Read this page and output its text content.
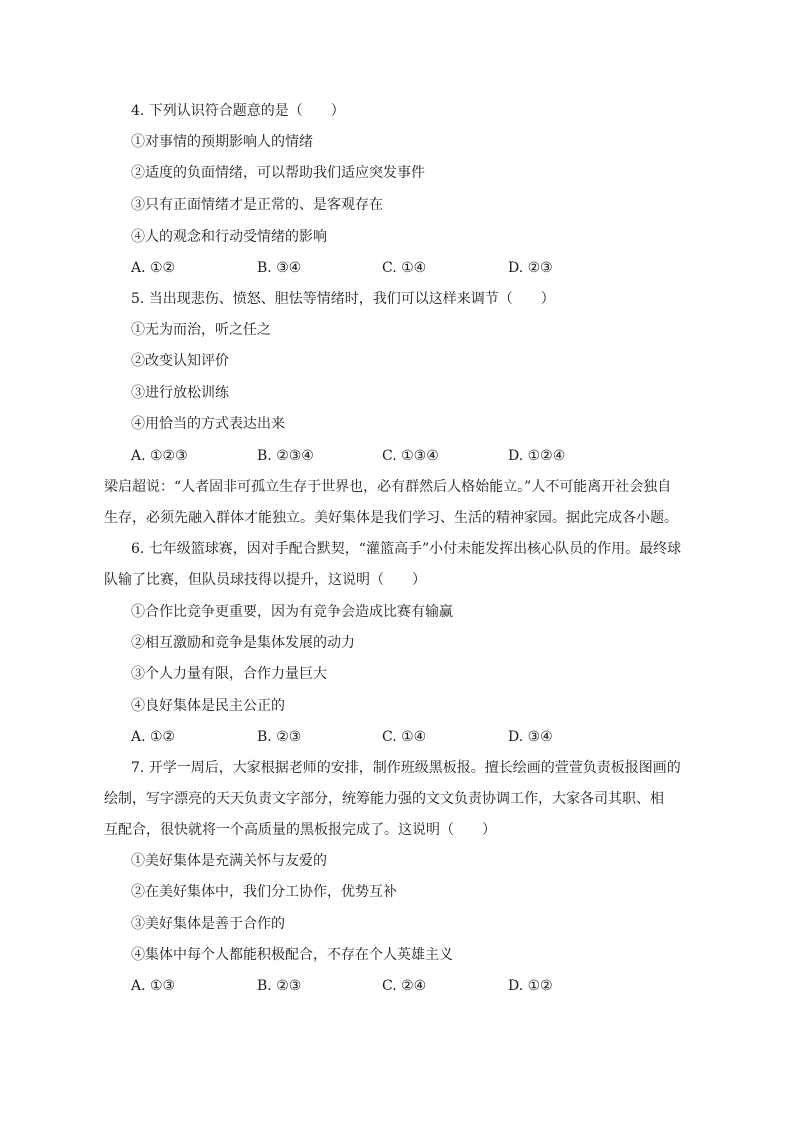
4. 下列认识符合题意的是（　　）
①对事情的预期影响人的情绪
②适度的负面情绪，可以帮助我们适应突发事件
③只有正面情绪才是正常的、是客观存在
④人的观念和行动受情绪的影响
A. ①②	B. ③④	C. ①④	D. ②③
5. 当出现悲伤、愤怒、胆怯等情绪时，我们可以这样来调节（　　）
①无为而治，听之任之
②改变认知评价
③进行放松训练
④用恰当的方式表达出来
A. ①②③	B. ②③④	C. ①③④	D. ①②④
梁启超说：“人者固非可孤立生存于世界也，必有群然后人格始能立。”人不可能离开社会独自
生存，必须先融入群体才能独立。美好集体是我们学习、生活的精神家园。据此完成各小题。
6. 七年级篮球赛，因对手配合默契，“灌篮高手”小付未能发挥出核心队员的作用。最终球
队输了比赛，但队员球技得以提升，这说明（　　）
①合作比竞争更重要，因为有竞争会造成比赛有输赢
②相互激励和竞争是集体发展的动力
③个人力量有限，合作力量巨大
④良好集体是民主公正的
A. ①②	B. ②③	C. ①④	D. ③④
7. 开学一周后，大家根据老师的安排，制作班级黑板报。擅长绘画的萱萱负责板报图画的
绘制，写字漂亮的天天负责文字部分，统筹能力强的文文负责协调工作，大家各司其职、相
互配合，很快就将一个高质量的黑板报完成了。这说明（　　）
①美好集体是充满关怀与友爱的
②在美好集体中，我们分工协作，优势互补
③美好集体是善于合作的
④集体中每个人都能积极配合，不存在个人英雄主义
A. ①③	B. ②③	C. ②④	D. ①②
